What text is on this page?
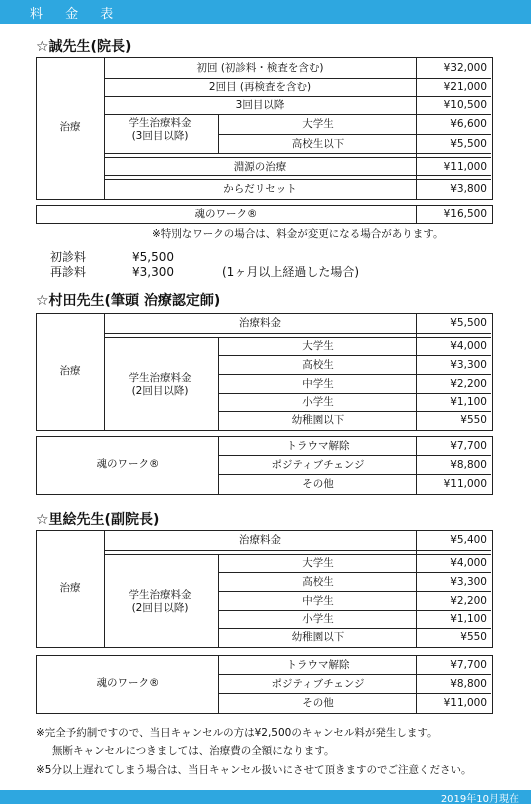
料 金 表
☆誠先生(院長)
治療
初回 (初診料・検査を含む)	¥32,000
2回目 (再検査を含む)	¥21,000
3回目以降	¥10,500
学生治療料金
(3回目以降)
大学生	¥6,600
高校生以下	¥5,500
淵源の治療	¥11,000
からだリセット	¥3,800
魂のワーク®	¥16,500
※特別なワークの場合は、料金が変更になる場合があります。
初診料	¥5,500
再診料	¥3,300	(1ヶ月以上経過した場合)
☆村田先生(筆頭 治療認定師)
治療
治療料金	¥5,500
学生治療料金
(2回目以降)
大学生	¥4,000
高校生	¥3,300
中学生	¥2,200
小学生	¥1,100
幼稚園以下	¥550
魂のワーク®
トラウマ解除	¥7,700
ポジティブチェンジ	¥8,800
その他	¥11,000
☆里絵先生(副院長)
治療
治療料金	¥5,400
学生治療料金
(2回目以降)
大学生	¥4,000
高校生	¥3,300
中学生	¥2,200
小学生	¥1,100
幼稚園以下	¥550
魂のワーク®
トラウマ解除	¥7,700
ポジティブチェンジ	¥8,800
その他	¥11,000
※完全予約制ですので、当日キャンセルの方は¥2,500のキャンセル料が発生します。
無断キャンセルにつきましては、治療費の全額になります。
※5分以上遅れてしまう場合は、当日キャンセル扱いにさせて頂きますのでご注意ください。
2019年10月現在
